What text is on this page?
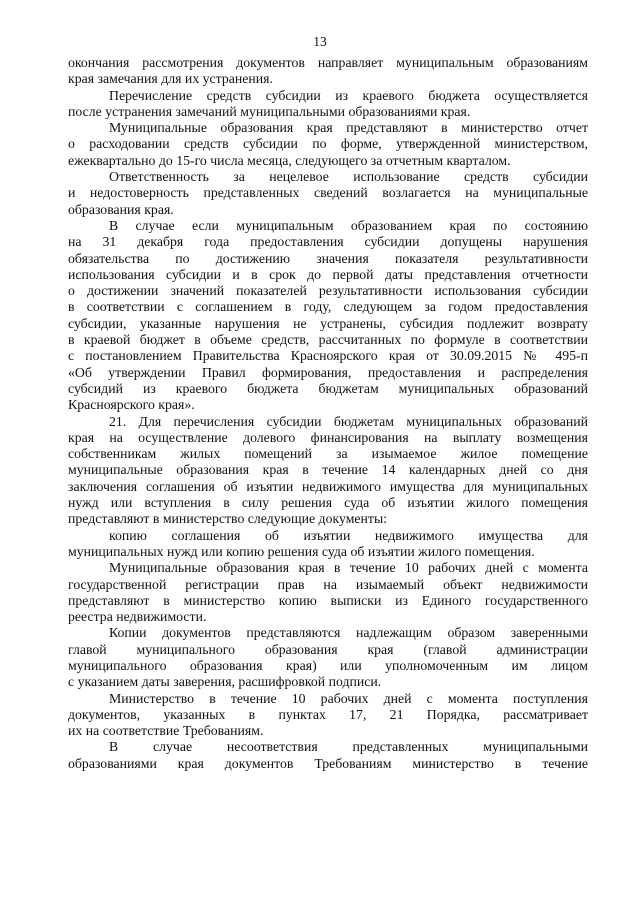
13
окончания рассмотрения документов направляет муниципальным образованиям
края замечания для их устранения.
Перечисление средств субсидии из краевого бюджета осуществляется
после устранения замечаний муниципальными образованиями края.
Муниципальные образования края представляют в министерство отчет
о расходовании средств субсидии по форме, утвержденной министерством,
ежеквартально до 15-го числа месяца, следующего за отчетным кварталом.
Ответственность за нецелевое использование средств субсидии
и недостоверность представленных сведений возлагается на муниципальные
образования края.
В случае если муниципальным образованием края по состоянию
на 31 декабря года предоставления субсидии допущены нарушения
обязательства по достижению значения показателя результативности
использования субсидии и в срок до первой даты представления отчетности
о достижении значений показателей результативности использования субсидии
в соответствии с соглашением в году, следующем за годом предоставления
субсидии, указанные нарушения не устранены, субсидия подлежит возврату
в краевой бюджет в объеме средств, рассчитанных по формуле в соответствии
с постановлением Правительства Красноярского края от 30.09.2015 № 495-п
«Об утверждении Правил формирования, предоставления и распределения
субсидий из краевого бюджета бюджетам муниципальных образований
Красноярского края».
21. Для перечисления субсидии бюджетам муниципальных образований
края на осуществление долевого финансирования на выплату возмещения
собственникам жилых помещений за изымаемое жилое помещение
муниципальные образования края в течение 14 календарных дней со дня
заключения соглашения об изъятии недвижимого имущества для муниципальных
нужд или вступления в силу решения суда об изъятии жилого помещения
представляют в министерство следующие документы:
копию соглашения об изъятии недвижимого имущества для
муниципальных нужд или копию решения суда об изъятии жилого помещения.
Муниципальные образования края в течение 10 рабочих дней с момента
государственной регистрации прав на изымаемый объект недвижимости
представляют в министерство копию выписки из Единого государственного
реестра недвижимости.
Копии документов представляются надлежащим образом заверенными
главой муниципального образования края (главой администрации
муниципального образования края) или уполномоченным им лицом
с указанием даты заверения, расшифровкой подписи.
Министерство в течение 10 рабочих дней с момента поступления
документов, указанных в пунктах 17, 21 Порядка, рассматривает
их на соответствие Требованиям.
В случае несоответствия представленных муниципальными
образованиями края документов Требованиям министерство в течение
